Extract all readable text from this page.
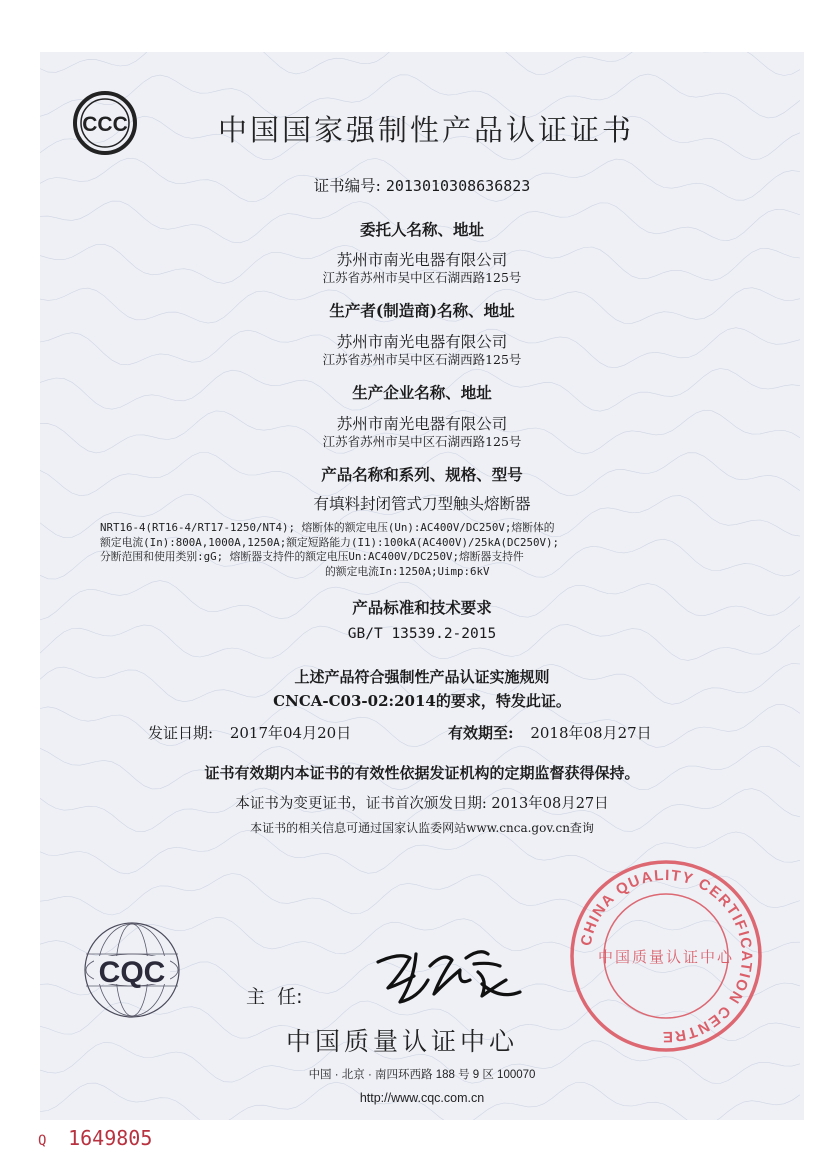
CCC	中国国家强制性产品认证证书
证书编号: 2013010308636823
委托人名称、地址
苏州市南光电器有限公司
江苏省苏州市吴中区石湖西路125号
生产者(制造商)名称、地址
苏州市南光电器有限公司
江苏省苏州市吴中区石湖西路125号
生产企业名称、地址
苏州市南光电器有限公司
江苏省苏州市吴中区石湖西路125号
产品名称和系列、规格、型号
有填料封闭管式刀型触头熔断器
NRT16-4(RT16-4/RT17-1250/NT4); 熔断体的额定电压(Un):AC400V/DC250V;熔断体的
额定电流(In):800A,1000A,1250A;额定短路能力(I1):100kA(AC400V)/25kA(DC250V);
分断范围和使用类别:gG; 熔断器支持件的额定电压Un:AC400V/DC250V;熔断器支持件
的额定电流In:1250A;Uimp:6kV
产品标准和技术要求
GB/T 13539.2-2015
上述产品符合强制性产品认证实施规则
CNCA-C03-02:2014的要求，特发此证。
发证日期: 2017年04月20日	有效期至: 2018年08月27日
证书有效期内本证书的有效性依据发证机构的定期监督获得保持。
本证书为变更证书，证书首次颁发日期: 2013年08月27日
本证书的相关信息可通过国家认监委网站www.cnca.gov.cn查询
CQC
主  任:
中国质量认证中心
CHINA QUALITY CERTIFICATION CENTRE
中国质量认证中心
中国 · 北京 · 南四环西路 188 号 9 区 100070
http://www.cqc.com.cn
Q 1649805
